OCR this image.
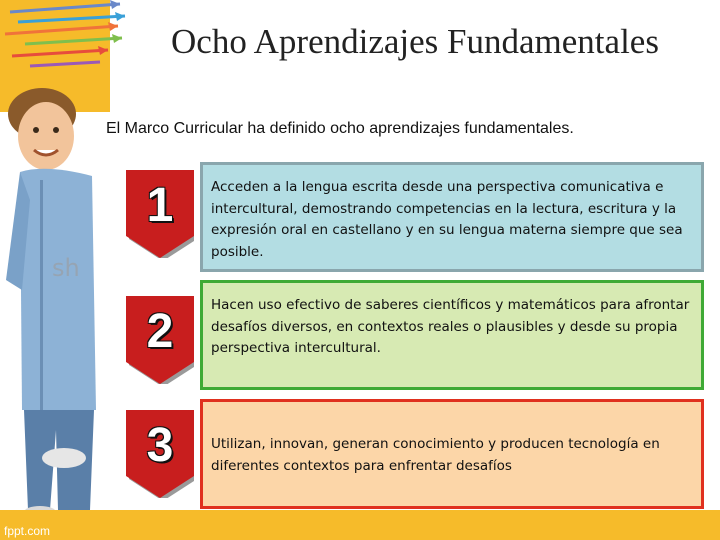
Ocho Aprendizajes Fundamentales
sh
El Marco Curricular ha definido ocho aprendizajes fundamentales.
1	Acceden a la lengua escrita desde una perspectiva comunicativa e intercultural, demostrando competencias en la lectura, escritura y la expresión oral en castellano y en su lengua materna siempre que sea posible.
2	Hacen uso efectivo de saberes científicos y matemáticos para afrontar desafíos diversos, en contextos reales o plausibles y desde su propia perspectiva intercultural.
3	Utilizan, innovan, generan conocimiento y producen tecnología en diferentes contextos para enfrentar desafíos
fppt.com
